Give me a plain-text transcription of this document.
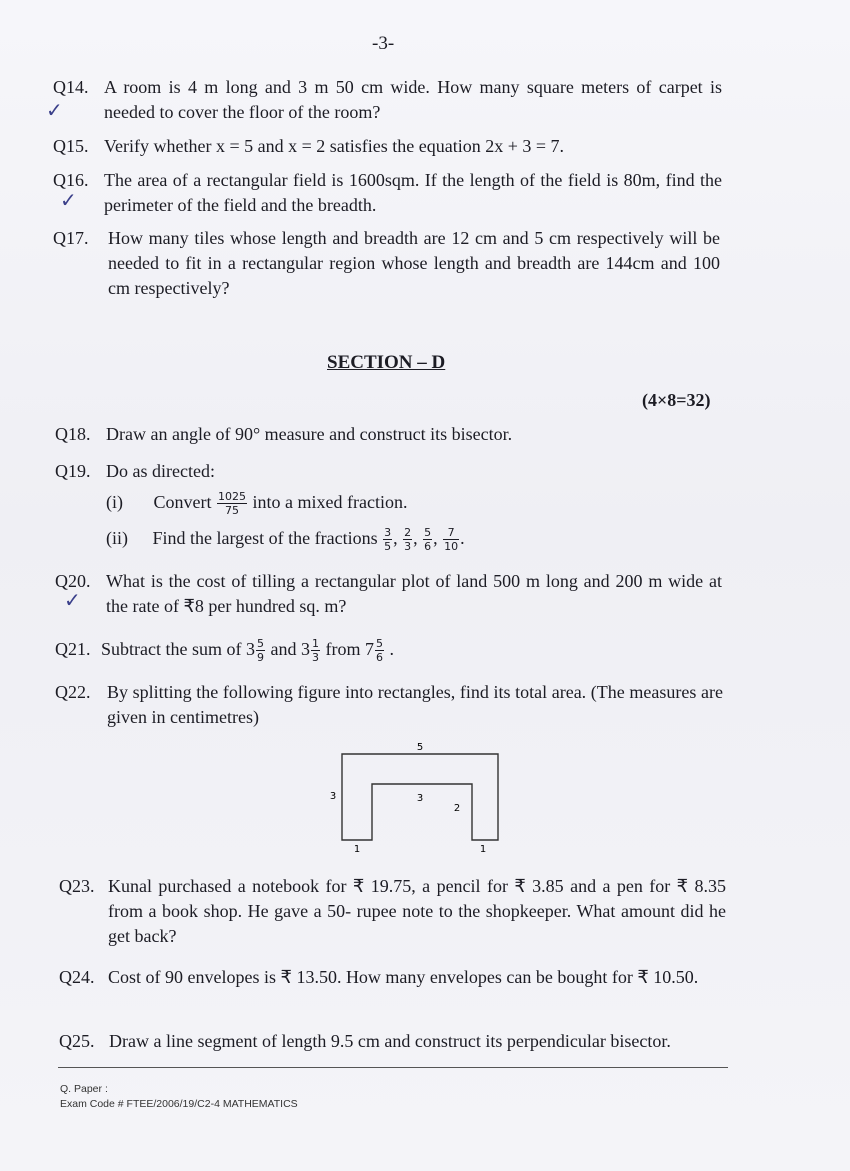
-3-
Q14. A room is 4 m long and 3 m 50 cm wide. How many square meters of carpet is needed to cover the floor of the room?
✓
Q15. Verify whether x = 5 and x = 2 satisfies the equation 2x + 3 = 7.
Q16. The area of a rectangular field is 1600sqm. If the length of the field is 80m, find the perimeter of the field and the breadth.
✓
Q17. How many tiles whose length and breadth are 12 cm and 5 cm respectively will be needed to fit in a rectangular region whose length and breadth are 144cm and 100 cm respectively?
SECTION – D
(4×8=32)
Q18. Draw an angle of 90° measure and construct its bisector.
Q19. Do as directed:
(i) Convert $\frac{1025}{75}$ into a mixed fraction.
(ii) Find the largest of the fractions $\frac{3}{5}$ , $\frac{2}{3}$ , $\frac{5}{6}$ , $\frac{7}{10}$ .
Q20. What is the cost of tilling a rectangular plot of land 500 m long and 200 m wide at the rate of ₹8 per hundred sq. m?
✓
Q21. Subtract the sum of $3 \frac{5}{9}$ and $3 \frac{1}{3}$ from $7 \frac{5}{6}$ .
Q22. By splitting the following figure into rectangles, find its total area. (The measures are given in centimetres)
5
3	3
2
1	1
Q23. Kunal purchased a notebook for ₹ 19.75, a pencil for ₹ 3.85 and a pen for ₹ 8.35 from a book shop. He gave a 50- rupee note to the shopkeeper. What amount did he get back?
Q24. Cost of 90 envelopes is ₹ 13.50. How many envelopes can be bought for ₹ 10.50.
Q25. Draw a line segment of length 9.5 cm and construct its perpendicular bisector.
Q. Paper :
Exam Code # FTEE/2006/19/C2-4 MATHEMATICS
